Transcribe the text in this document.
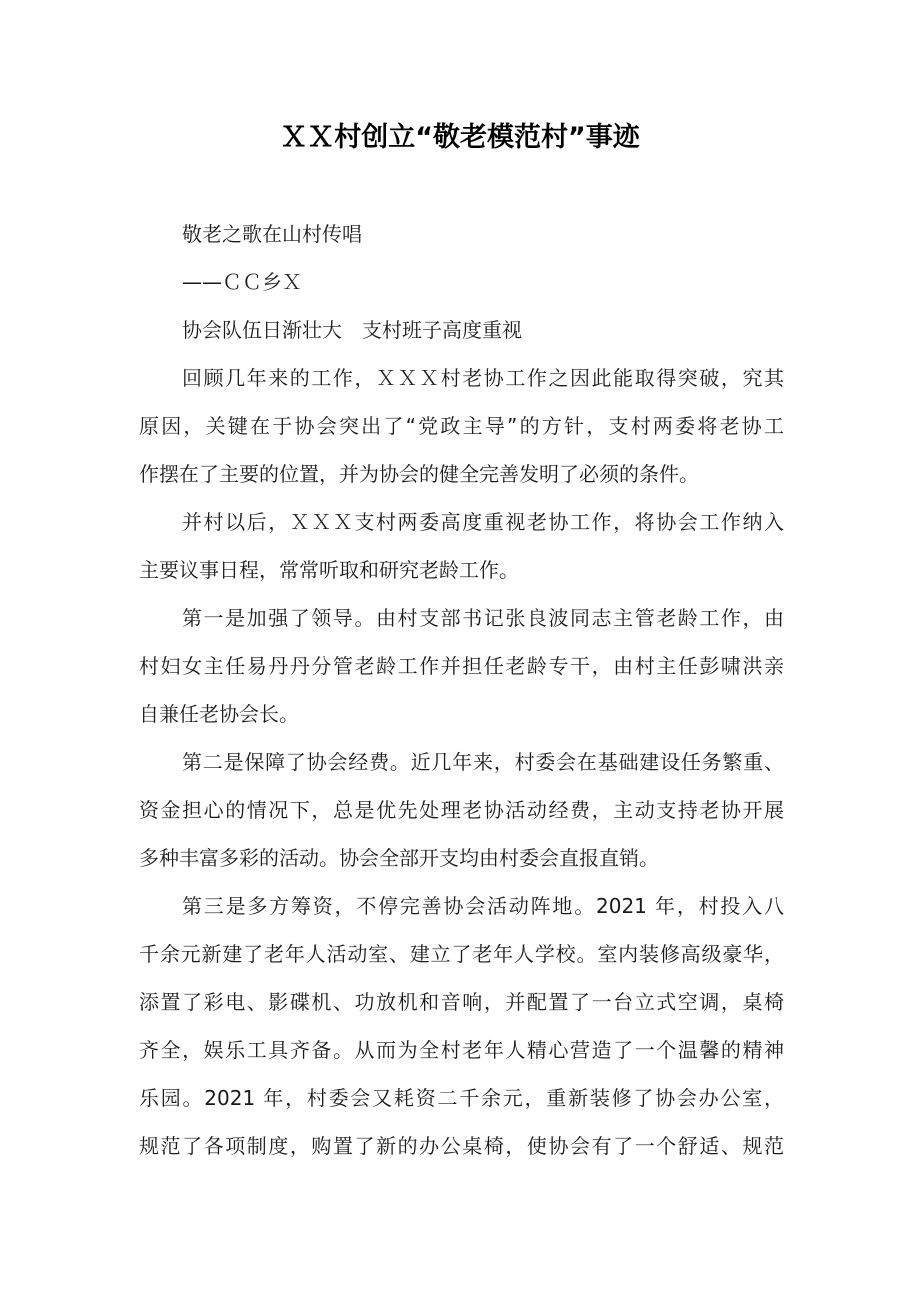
ＸＸ村创立“敬老模范村”事迹
敬老之歌在山村传唱
——ＣＣ乡Ｘ
协会队伍日渐壮大　支村班子高度重视
回顾几年来的工作，ＸＸＸ村老协工作之因此能取得突破，究其
原因，关键在于协会突出了“党政主导”的方针，支村两委将老协工
作摆在了主要的位置，并为协会的健全完善发明了必须的条件。
并村以后，ＸＸＸ支村两委高度重视老协工作，将协会工作纳入
主要议事日程，常常听取和研究老龄工作。
第一是加强了领导。由村支部书记张良波同志主管老龄工作，由
村妇女主任易丹丹分管老龄工作并担任老龄专干，由村主任彭啸洪亲
自兼任老协会长。
第二是保障了协会经费。近几年来，村委会在基础建设任务繁重、
资金担心的情况下，总是优先处理老协活动经费，主动支持老协开展
多种丰富多彩的活动。协会全部开支均由村委会直报直销。
第三是多方筹资，不停完善协会活动阵地。2021 年，村投入八
千余元新建了老年人活动室、建立了老年人学校。室内装修高级豪华，
添置了彩电、影碟机、功放机和音响，并配置了一台立式空调，桌椅
齐全，娱乐工具齐备。从而为全村老年人精心营造了一个温馨的精神
乐园。2021 年，村委会又耗资二千余元，重新装修了协会办公室，
规范了各项制度，购置了新的办公桌椅，使协会有了一个舒适、规范
